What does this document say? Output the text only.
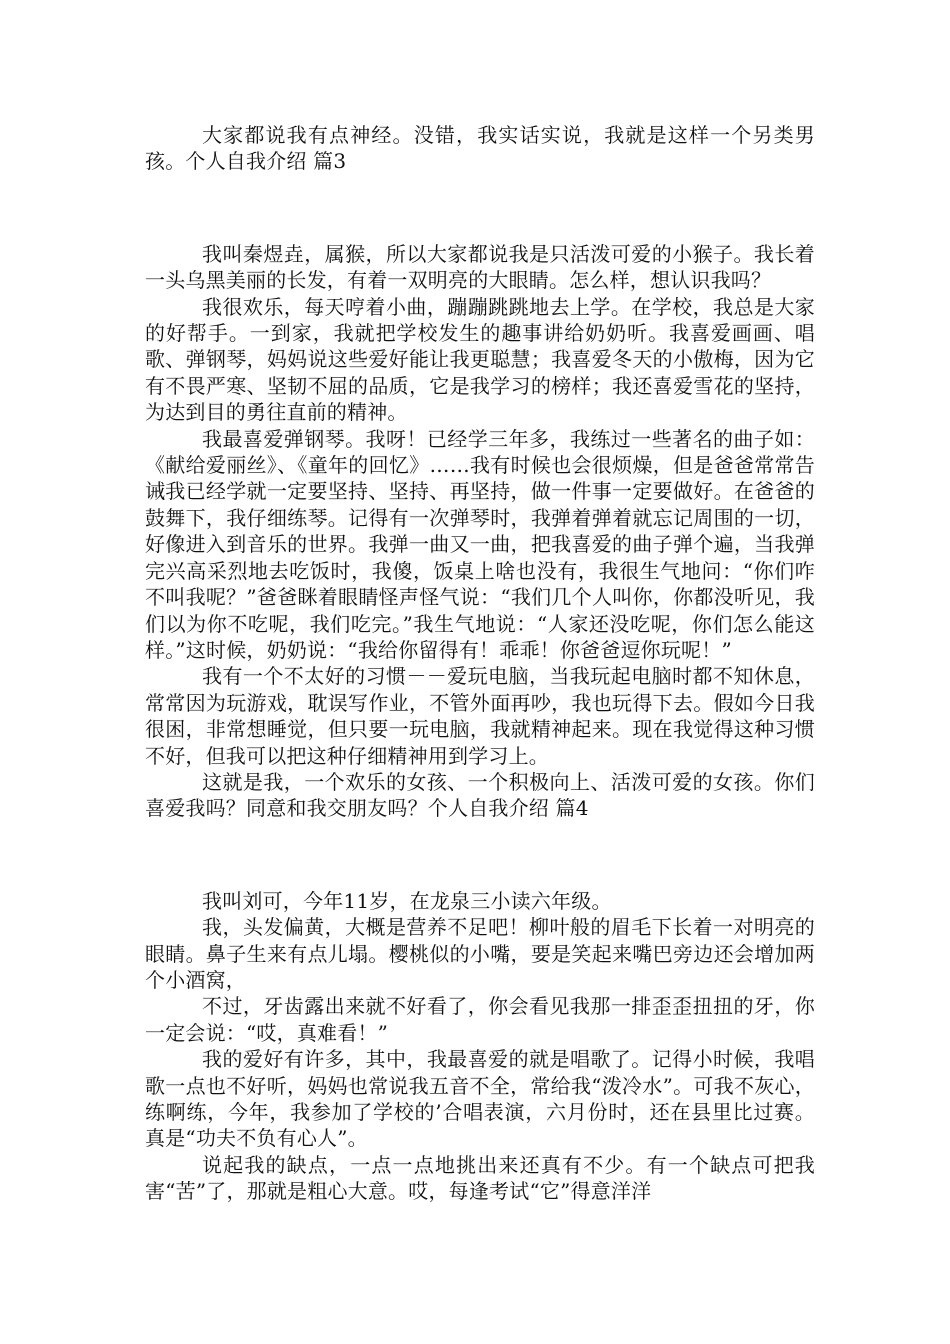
大家都说我有点神经。没错，我实话实说，我就是这样一个另类男孩。个人自我介绍 篇3

我叫秦煜垚，属猴，所以大家都说我是只活泼可爱的小猴子。我长着一头乌黑美丽的长发，有着一双明亮的大眼睛。怎么样，想认识我吗？

我很欢乐，每天哼着小曲，蹦蹦跳跳地去上学。在学校，我总是大家的好帮手。一到家，我就把学校发生的趣事讲给奶奶听。我喜爱画画、唱歌、弹钢琴，妈妈说这些爱好能让我更聪慧；我喜爱冬天的小傲梅，因为它有不畏严寒、坚韧不屈的品质，它是我学习的榜样；我还喜爱雪花的坚持，为达到目的勇往直前的精神。

我最喜爱弹钢琴。我呀！已经学三年多，我练过一些著名的曲子如：《献给爱丽丝》、《童年的回忆》……我有时候也会很烦燥，但是爸爸常常告诫我已经学就一定要坚持、坚持、再坚持，做一件事一定要做好。在爸爸的鼓舞下，我仔细练琴。记得有一次弹琴时，我弹着弹着就忘记周围的一切，好像进入到音乐的世界。我弹一曲又一曲，把我喜爱的曲子弹个遍，当我弹完兴高采烈地去吃饭时，我傻，饭桌上啥也没有，我很生气地问：“你们咋不叫我呢？”爸爸眯着眼睛怪声怪气说：“我们几个人叫你，你都没听见，我们以为你不吃呢，我们吃完。”我生气地说：“人家还没吃呢，你们怎么能这样。”这时候，奶奶说：“我给你留得有！乖乖！你爸爸逗你玩呢！”

我有一个不太好的习惯－－爱玩电脑，当我玩起电脑时都不知休息，常常因为玩游戏，耽误写作业，不管外面再吵，我也玩得下去。假如今日我很困，非常想睡觉，但只要一玩电脑，我就精神起来。现在我觉得这种习惯不好，但我可以把这种仔细精神用到学习上。

这就是我，一个欢乐的女孩、一个积极向上、活泼可爱的女孩。你们喜爱我吗？同意和我交朋友吗？个人自我介绍 篇4

我叫刘可，今年11岁，在龙泉三小读六年级。

我，头发偏黄，大概是营养不足吧！柳叶般的眉毛下长着一对明亮的眼睛。鼻子生来有点儿塌。樱桃似的小嘴，要是笑起来嘴巴旁边还会增加两个小酒窝，

不过，牙齿露出来就不好看了，你会看见我那一排歪歪扭扭的牙，你一定会说：“哎，真难看！”

我的爱好有许多，其中，我最喜爱的就是唱歌了。记得小时候，我唱歌一点也不好听，妈妈也常说我五音不全，常给我“泼冷水”。可我不灰心，练啊练，今年，我参加了学校的’合唱表演，六月份时，还在县里比过赛。真是“功夫不负有心人”。

说起我的缺点，一点一点地挑出来还真有不少。有一个缺点可把我害“苦”了，那就是粗心大意。哎，每逢考试“它”得意洋洋
